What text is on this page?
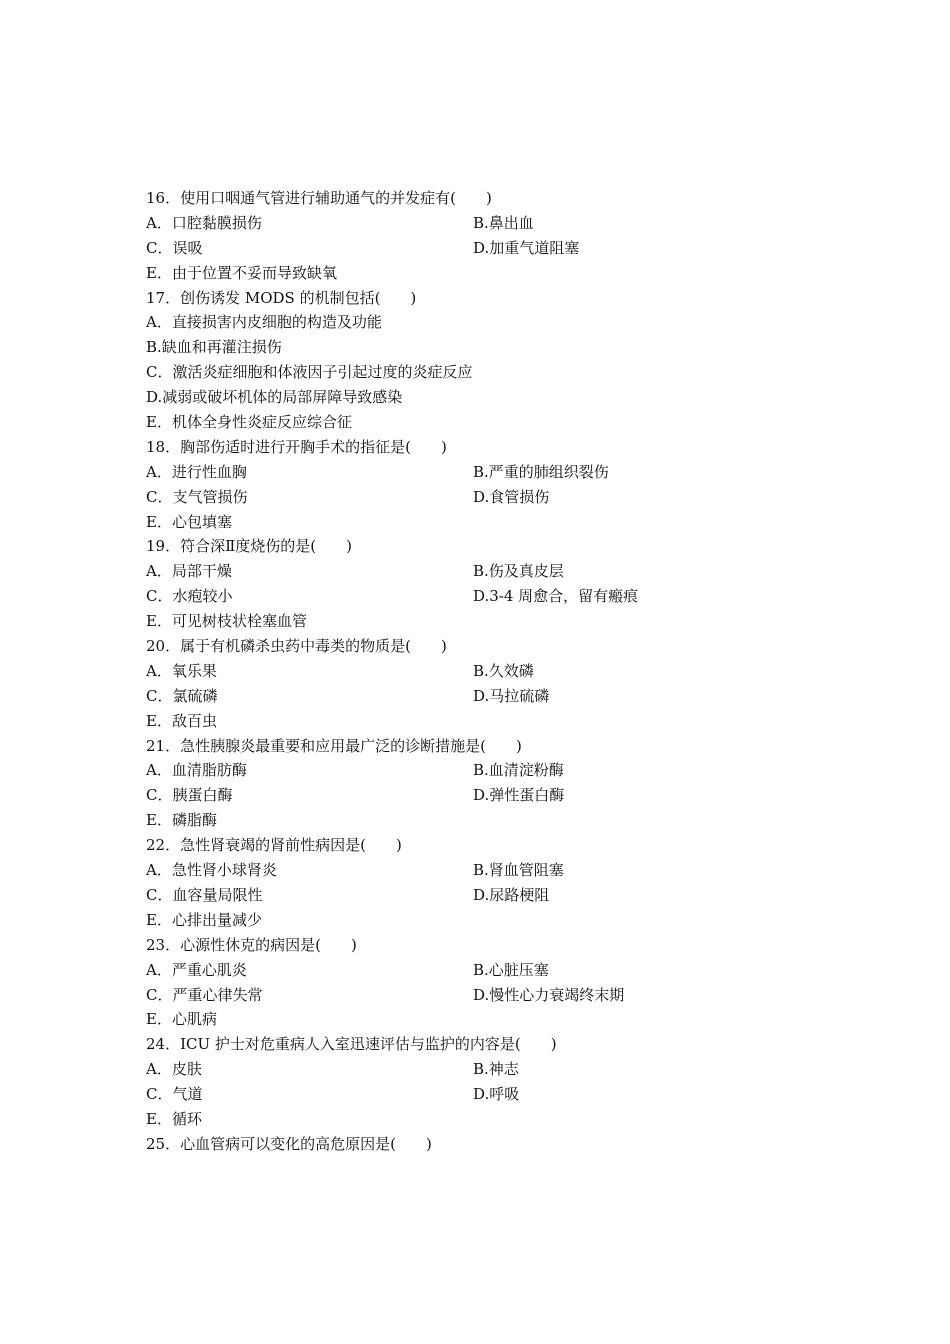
16．使用口咽通气管进行辅助通气的并发症有(　　)
A．口腔黏膜损伤	B.鼻出血
C．误吸	D.加重气道阻塞
E．由于位置不妥而导致缺氧
17．创伤诱发 MODS 的机制包括(　　)
A．直接损害内皮细胞的构造及功能
B.缺血和再灌注损伤
C．激活炎症细胞和体液因子引起过度的炎症反应
D.减弱或破坏机体的局部屏障导致感染
E．机体全身性炎症反应综合征
18．胸部伤适时进行开胸手术的指征是(　　)
A．进行性血胸	B.严重的肺组织裂伤
C．支气管损伤	D.食管损伤
E．心包填塞
19．符合深Ⅱ度烧伤的是(　　)
A．局部干燥	B.伤及真皮层
C．水疱较小	D.3-4 周愈合，留有瘢痕
E．可见树枝状栓塞血管
20．属于有机磷杀虫药中毒类的物质是(　　)
A．氧乐果	B.久效磷
C．氯硫磷	D.马拉硫磷
E．敌百虫
21．急性胰腺炎最重要和应用最广泛的诊断措施是(　　)
A．血清脂肪酶	B.血清淀粉酶
C．胰蛋白酶	D.弹性蛋白酶
E．磷脂酶
22．急性肾衰竭的肾前性病因是(　　)
A．急性肾小球肾炎	B.肾血管阻塞
C．血容量局限性	D.尿路梗阻
E．心排出量减少
23．心源性休克的病因是(　　)
A．严重心肌炎	B.心脏压塞
C．严重心律失常	D.慢性心力衰竭终末期
E．心肌病
24．ICU 护士对危重病人入室迅速评估与监护的内容是(　　)
A．皮肤	B.神志
C．气道	D.呼吸
E．循环
25．心血管病可以变化的高危原因是(　　)
